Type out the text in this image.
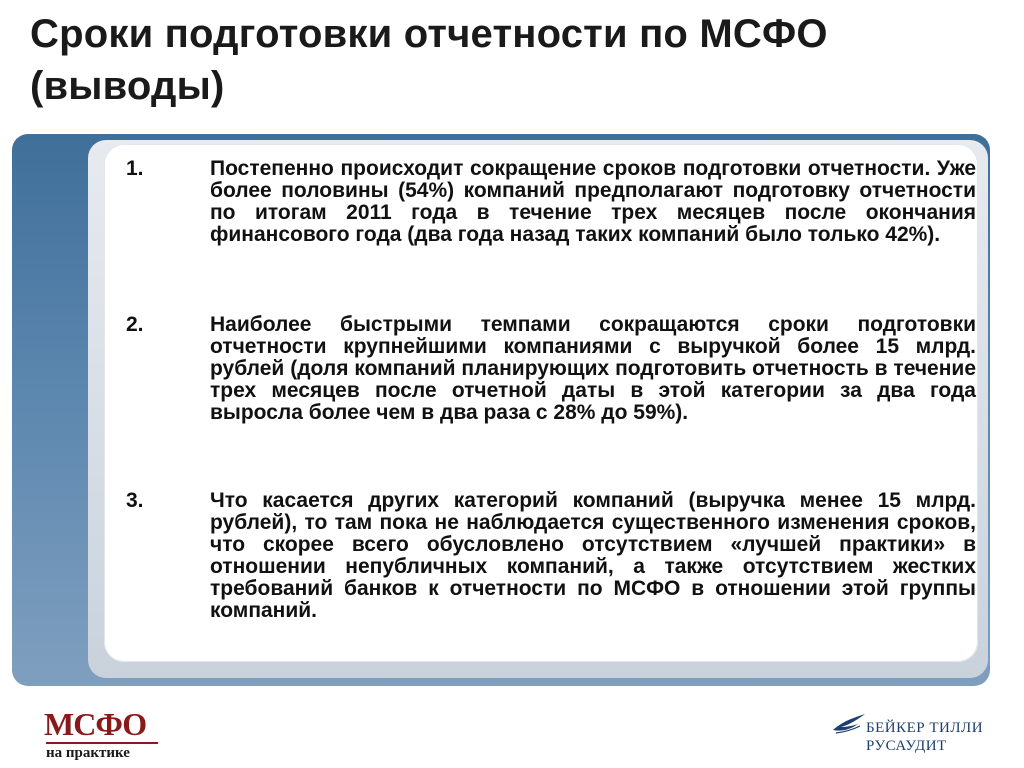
Сроки подготовки отчетности по МСФО (выводы)
1.	Постепенно происходит сокращение сроков подготовки отчетности. Уже более половины (54%) компаний предполагают подготовку отчетности по итогам 2011 года в течение трех месяцев после окончания финансового года (два года назад таких компаний было только 42%).
2.	Наиболее быстрыми темпами сокращаются сроки подготовки отчетности крупнейшими компаниями с выручкой более 15 млрд. рублей (доля компаний планирующих подготовить отчетность в течение трех месяцев после отчетной даты в этой категории за два года выросла более чем в два раза с 28% до 59%).
3.	Что касается других категорий компаний (выручка менее 15 млрд. рублей), то там пока не наблюдается существенного изменения сроков, что скорее всего обусловлено отсутствием «лучшей практики» в отношении непубличных компаний, а также отсутствием жестких требований банков к отчетности по МСФО в отношении этой группы компаний.
МСФО
на практике
БЕЙКЕР ТИЛЛИ
РУСАУДИТ
